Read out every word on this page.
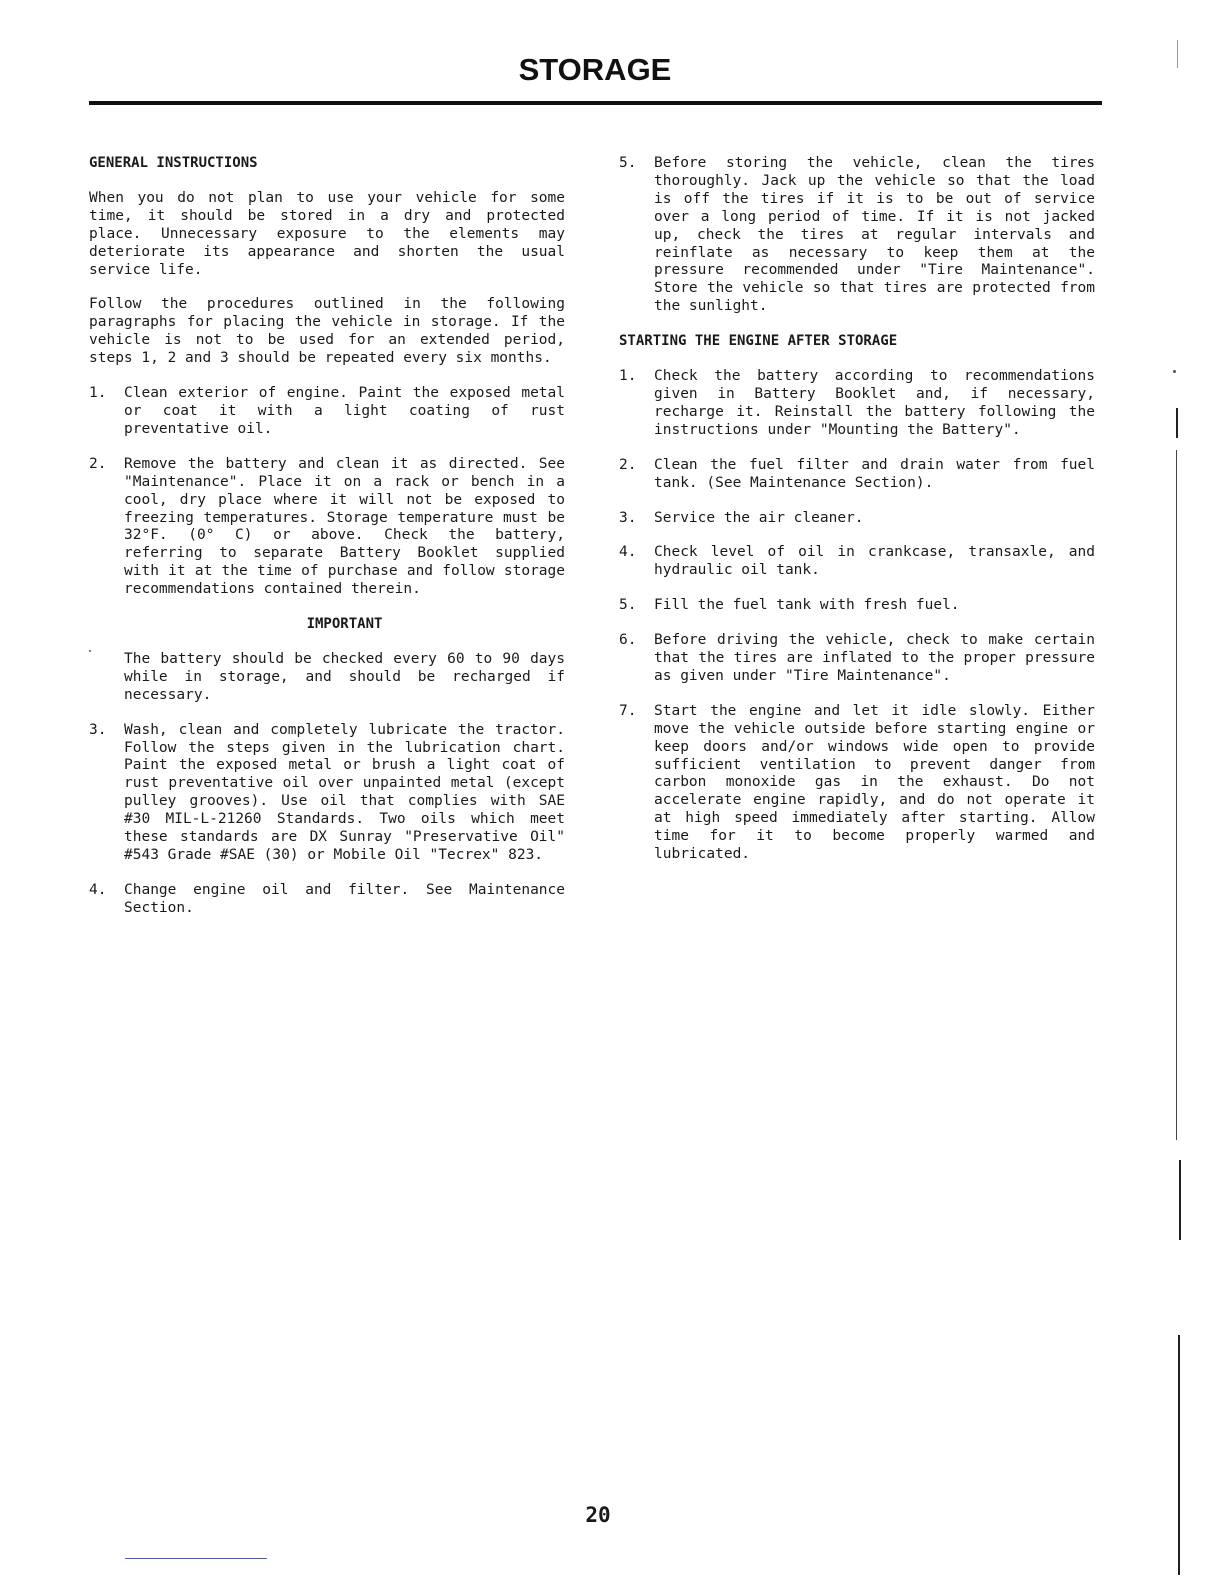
STORAGE
GENERAL INSTRUCTIONS
When you do not plan to use your vehicle for some time, it should be stored in a dry and protected place. Unnecessary exposure to the elements may deteriorate its appearance and shorten the usual service life.
Follow the procedures outlined in the following paragraphs for placing the vehicle in storage. If the vehicle is not to be used for an extended period, steps 1, 2 and 3 should be repeated every six months.
1. Clean exterior of engine. Paint the exposed metal or coat it with a light coating of rust preventative oil.
2. Remove the battery and clean it as directed. See "Maintenance". Place it on a rack or bench in a cool, dry place where it will not be exposed to freezing temperatures. Storage temperature must be 32°F. (0° C) or above. Check the battery, referring to separate Battery Booklet supplied with it at the time of purchase and follow storage recommendations contained therein.
IMPORTANT
The battery should be checked every 60 to 90 days while in storage, and should be recharged if necessary.
3. Wash, clean and completely lubricate the tractor. Follow the steps given in the lubrication chart. Paint the exposed metal or brush a light coat of rust preventative oil over unpainted metal (except pulley grooves). Use oil that complies with SAE #30 MIL-L-21260 Standards. Two oils which meet these standards are DX Sunray "Preservative Oil" #543 Grade #SAE (30) or Mobile Oil "Tecrex" 823.
4. Change engine oil and filter. See Maintenance Section.
5. Before storing the vehicle, clean the tires thoroughly. Jack up the vehicle so that the load is off the tires if it is to be out of service over a long period of time. If it is not jacked up, check the tires at regular intervals and reinflate as necessary to keep them at the pressure recommended under "Tire Maintenance". Store the vehicle so that tires are protected from the sunlight.
STARTING THE ENGINE AFTER STORAGE
1. Check the battery according to recommendations given in Battery Booklet and, if necessary, recharge it. Reinstall the battery following the instructions under "Mounting the Battery".
2. Clean the fuel filter and drain water from fuel tank. (See Maintenance Section).
3. Service the air cleaner.
4. Check level of oil in crankcase, transaxle, and hydraulic oil tank.
5. Fill the fuel tank with fresh fuel.
6. Before driving the vehicle, check to make certain that the tires are inflated to the proper pressure as given under "Tire Maintenance".
7. Start the engine and let it idle slowly. Either move the vehicle outside before starting engine or keep doors and/or windows wide open to provide sufficient ventilation to prevent danger from carbon monoxide gas in the exhaust. Do not accelerate engine rapidly, and do not operate it at high speed immediately after starting. Allow time for it to become properly warmed and lubricated.
20
